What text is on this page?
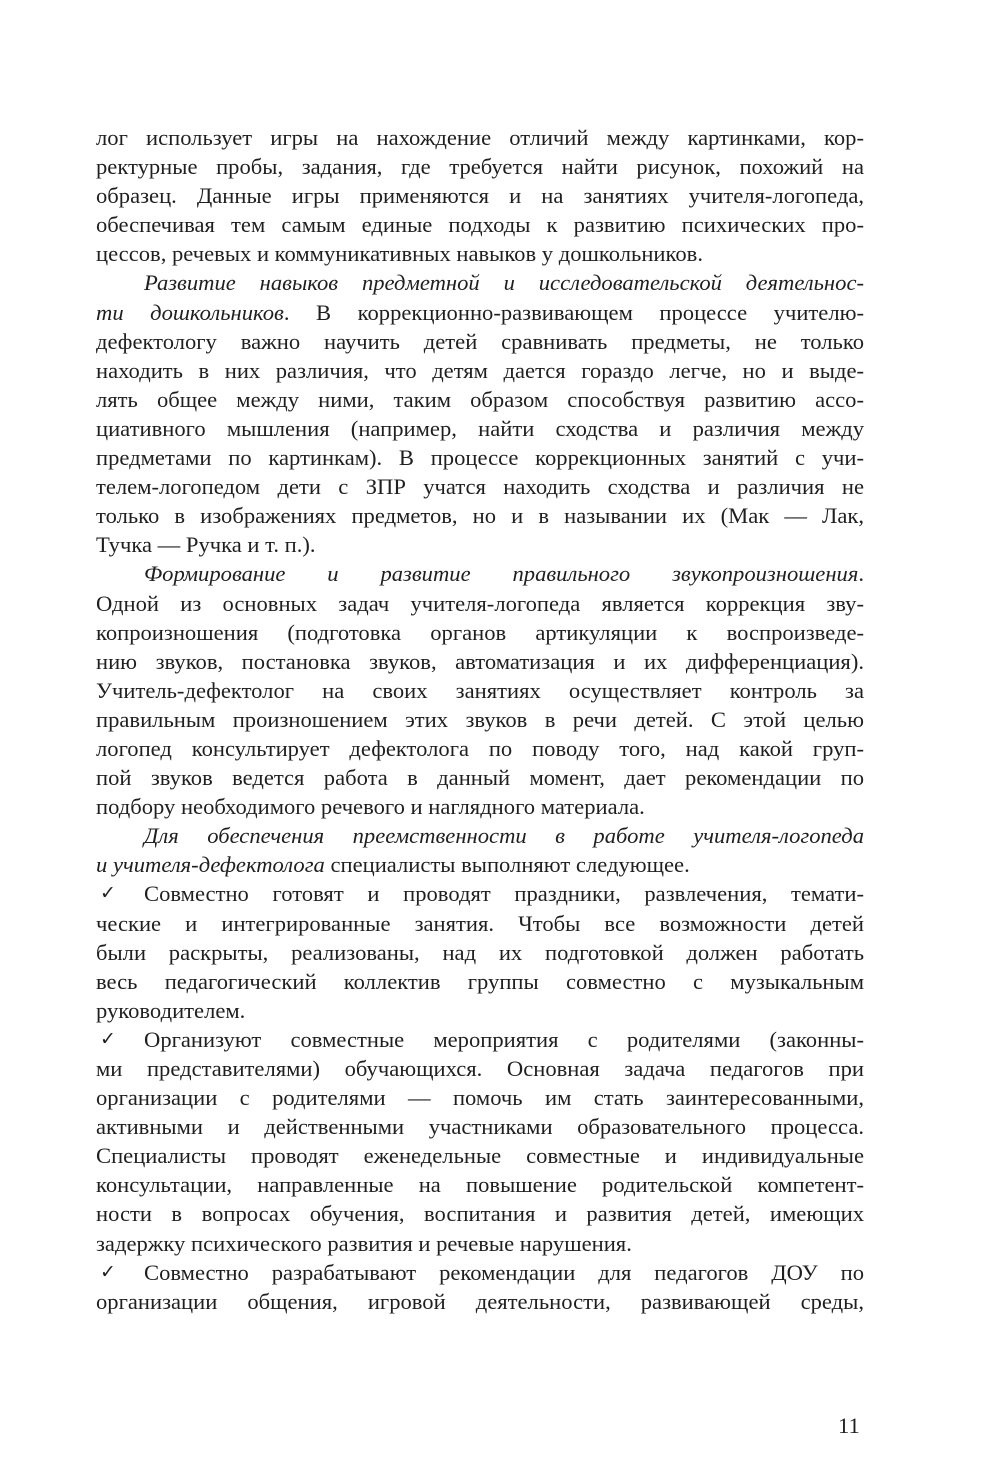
лог использует игры на нахождение отличий между картинками, кор-
ректурные пробы, задания, где требуется найти рисунок, похожий на
образец. Данные игры применяются и на занятиях учителя-логопеда,
обеспечивая тем самым единые подходы к развитию психических про-
цессов, речевых и коммуникативных навыков у дошкольников.
Развитие навыков предметной и исследовательской деятельнос-
ти дошкольников. В коррекционно-развивающем процессе учителю-
дефектологу важно научить детей сравнивать предметы, не только
находить в них различия, что детям дается гораздо легче, но и выде-
лять общее между ними, таким образом способствуя развитию ассо-
циативного мышления (например, найти сходства и различия между
предметами по картинкам). В процессе коррекционных занятий с учи-
телем-логопедом дети с ЗПР учатся находить сходства и различия не
только в изображениях предметов, но и в назывании их (Мак — Лак,
Тучка — Ручка и т. п.).
Формирование и развитие правильного звукопроизношения.
Одной из основных задач учителя-логопеда является коррекция зву-
копроизношения (подготовка органов артикуляции к воспроизведе-
нию звуков, постановка звуков, автоматизация и их дифференциация).
Учитель-дефектолог на своих занятиях осуществляет контроль за
правильным произношением этих звуков в речи детей. С этой целью
логопед консультирует дефектолога по поводу того, над какой груп-
пой звуков ведется работа в данный момент, дает рекомендации по
подбору необходимого речевого и наглядного материала.
Для обеспечения преемственности в работе учителя-логопеда
и учителя-дефектолога специалисты выполняют следующее.
✓ Совместно готовят и проводят праздники, развлечения, темати-
ческие и интегрированные занятия. Чтобы все возможности детей
были раскрыты, реализованы, над их подготовкой должен работать
весь педагогический коллектив группы совместно с музыкальным
руководителем.
✓ Организуют совместные мероприятия с родителями (законны-
ми представителями) обучающихся. Основная задача педагогов при
организации с родителями — помочь им стать заинтересованными,
активными и действенными участниками образовательного процесса.
Специалисты проводят еженедельные совместные и индивидуальные
консультации, направленные на повышение родительской компетент-
ности в вопросах обучения, воспитания и развития детей, имеющих
задержку психического развития и речевые нарушения.
✓ Совместно разрабатывают рекомендации для педагогов ДОУ по
организации общения, игровой деятельности, развивающей среды,
11
